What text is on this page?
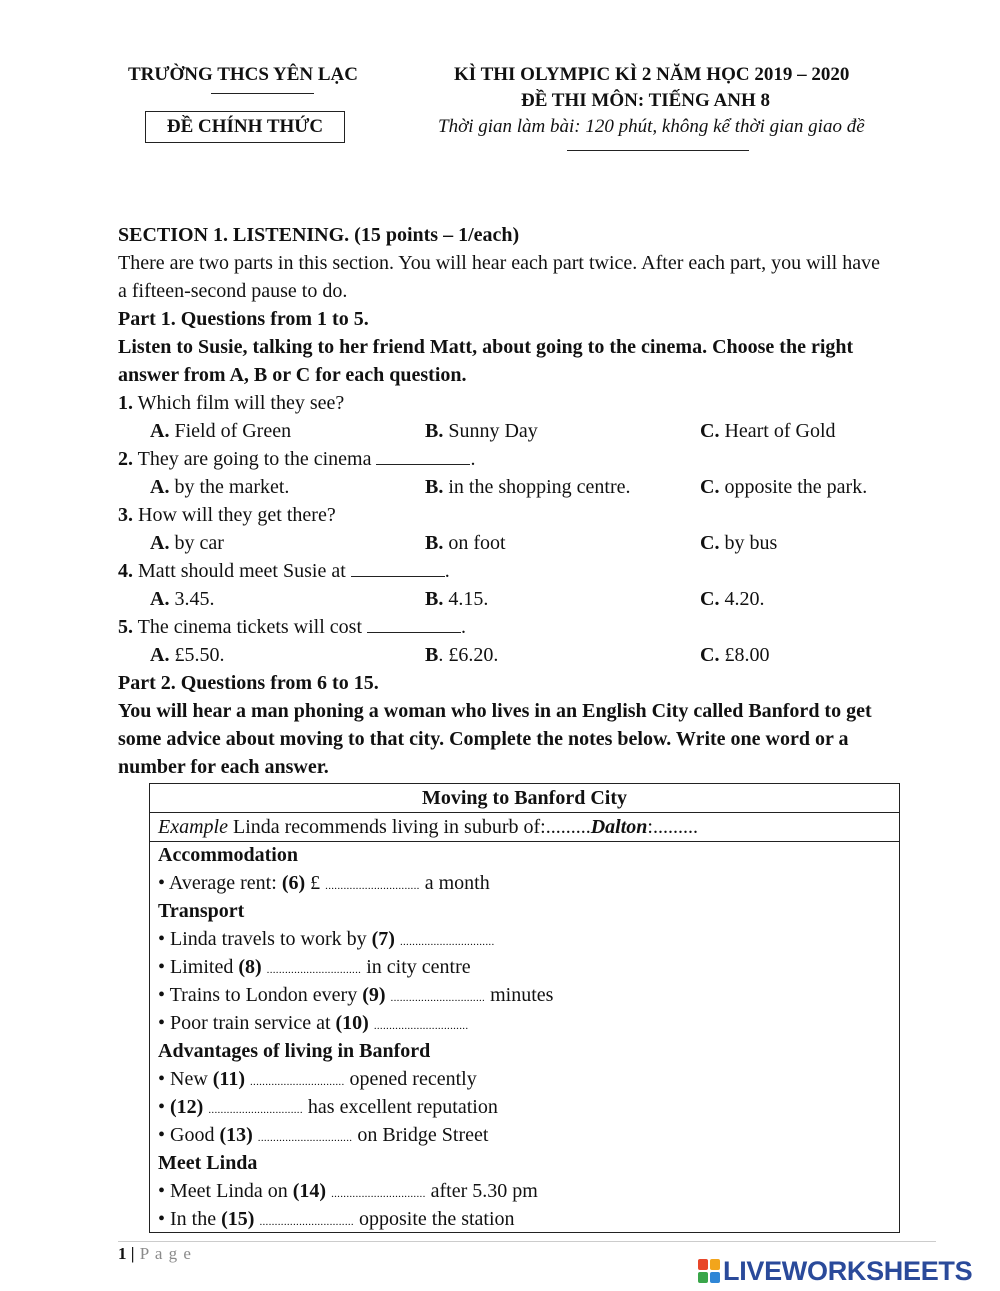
TRƯỜNG THCS YÊN LẠC
ĐỀ CHÍNH THỨC
KÌ THI OLYMPIC KÌ 2 NĂM HỌC 2019 – 2020
ĐỀ THI MÔN: TIẾNG ANH 8
Thời gian làm bài: 120 phút, không kể thời gian giao đề
SECTION 1. LISTENING. (15 points – 1/each)
There are two parts in this section. You will hear each part twice. After each part, you will have
a fifteen-second pause to do.
Part 1. Questions from 1 to 5.
Listen to Susie, talking to her friend Matt, about going to the cinema. Choose the right
answer from A, B or C for each question.
1. Which film will they see?
A. Field of Green	B. Sunny Day	C. Heart of Gold
2. They are going to the cinema	.
A. by the market.	B. in the shopping centre.	C. opposite the park.
3. How will they get there?
A. by car	B. on foot	C. by bus
4. Matt should meet Susie at	.
A. 3.45.	B. 4.15.	C. 4.20.
5. The cinema tickets will cost	.
A. £5.50.	B. £6.20.	C. £8.00
Part 2. Questions from 6 to 15.
You will hear a man phoning a woman who lives in an English City called Banford to get
some advice about moving to that city. Complete the notes below. Write one word or a
number for each answer.
Moving to Banford City
Example Linda recommends living in suburb of:.........Dalton:.........
Accommodation
• Average rent: (6) £ ............................... a month
Transport
• Linda travels to work by (7) ...............................
• Limited (8) ............................... in city centre
• Trains to London every (9) ............................... minutes
• Poor train service at (10) ...............................
Advantages of living in Banford
• New (11) ............................... opened recently
• (12) ............................... has excellent reputation
• Good (13) ............................... on Bridge Street
Meet Linda
• Meet Linda on (14) ............................... after 5.30 pm
• In the (15) ............................... opposite the station
1 | P a g e
LIVEWORKSHEETS
